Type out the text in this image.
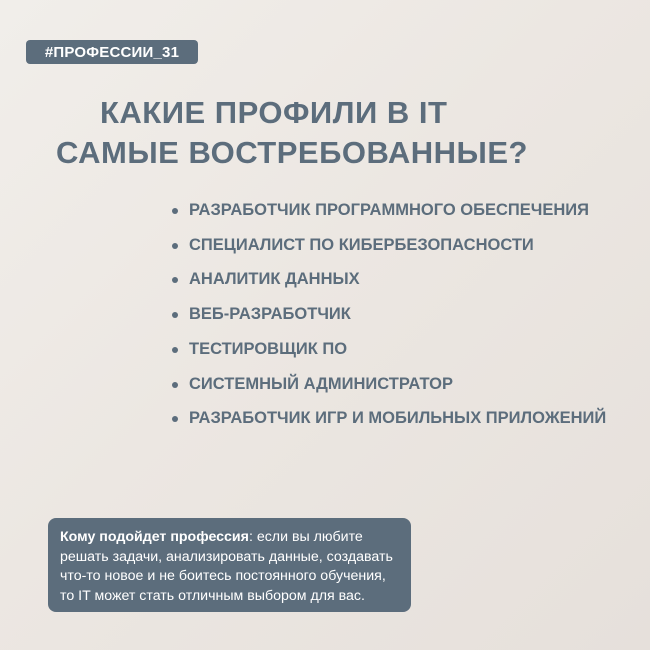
#ПРОФЕССИИ_31
КАКИЕ ПРОФИЛИ В IT
САМЫЕ ВОСТРЕБОВАННЫЕ?
РАЗРАБОТЧИК ПРОГРАММНОГО ОБЕСПЕЧЕНИЯ
СПЕЦИАЛИСТ ПО КИБЕРБЕЗОПАСНОСТИ
АНАЛИТИК ДАННЫХ
ВЕБ-РАЗРАБОТЧИК
ТЕСТИРОВЩИК ПО
СИСТЕМНЫЙ АДМИНИСТРАТОР
РАЗРАБОТЧИК ИГР И МОБИЛЬНЫХ ПРИЛОЖЕНИЙ
Кому подойдет профессия: если вы любите решать задачи, анализировать данные, создавать что-то новое и не боитесь постоянного обучения, то IT может стать отличным выбором для вас.
